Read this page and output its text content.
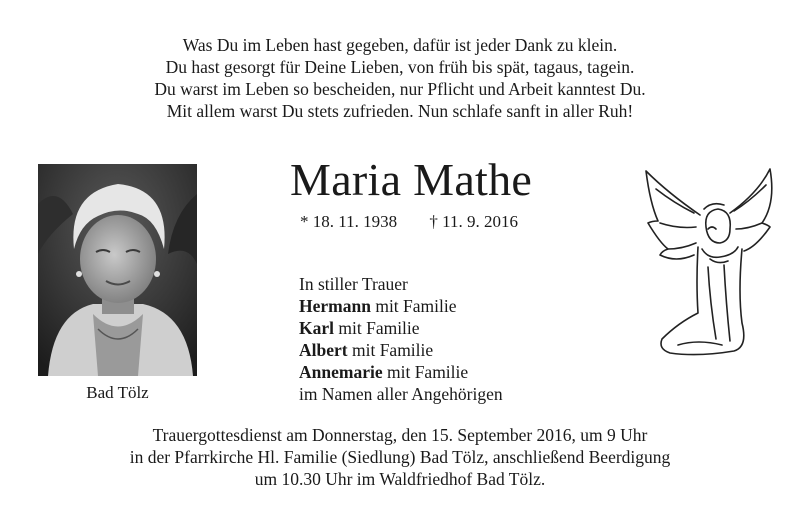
Was Du im Leben hast gegeben, dafür ist jeder Dank zu klein.
Du hast gesorgt für Deine Lieben, von früh bis spät, tagaus, tagein.
Du warst im Leben so bescheiden, nur Pflicht und Arbeit kanntest Du.
Mit allem warst Du stets zufrieden. Nun schlafe sanft in aller Ruh!
Bad Tölz
Maria Mathe
* 18. 11. 1938 † 11. 9. 2016
In stiller Trauer
Hermann mit Familie
Karl mit Familie
Albert mit Familie
Annemarie mit Familie
im Namen aller Angehörigen
Trauergottesdienst am Donnerstag, den 15. September 2016, um 9 Uhr
in der Pfarrkirche Hl. Familie (Siedlung) Bad Tölz, anschließend Beerdigung
um 10.30 Uhr im Waldfriedhof Bad Tölz.
